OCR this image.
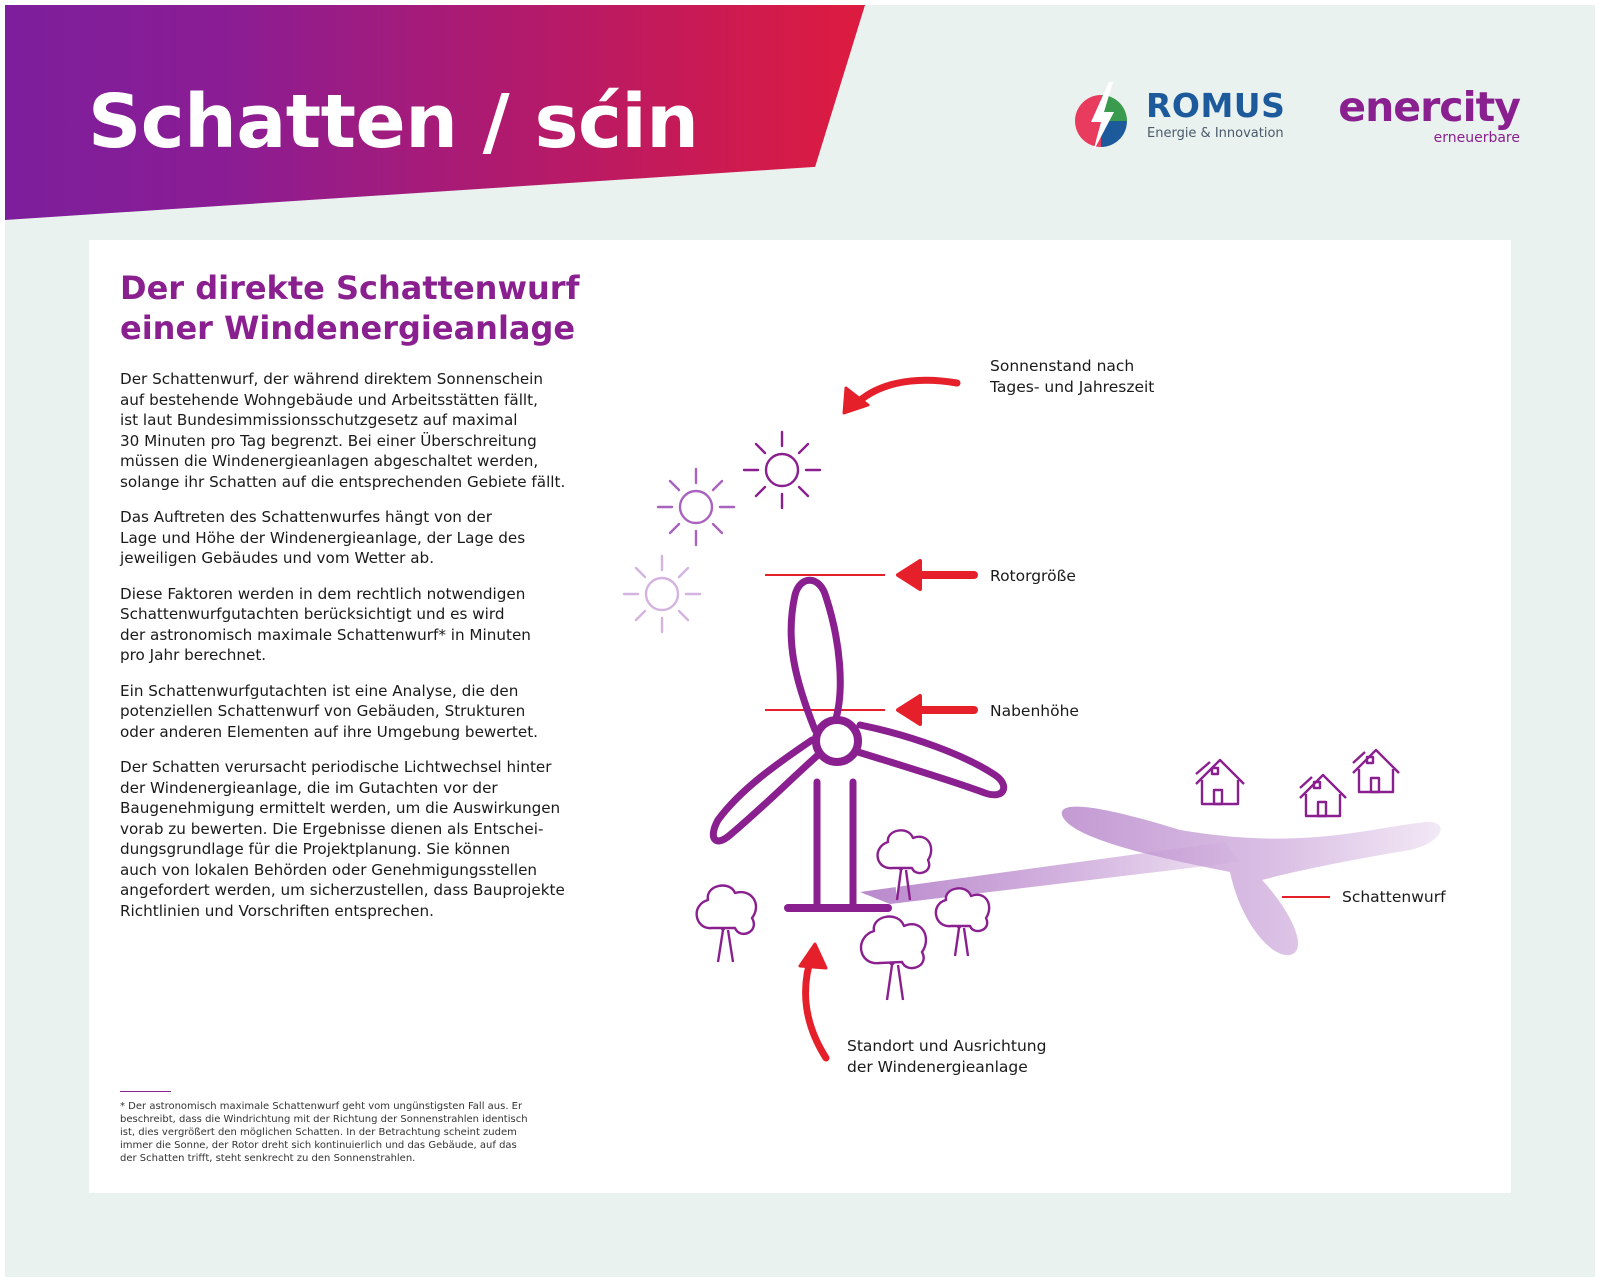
Schatten / sćin	ROMUS
Energie & Innovation
enercity
erneuerbare
Der direkte Schattenwurf
einer Windenergieanlage

Der Schattenwurf, der während direktem Sonnenschein
auf bestehende Wohngebäude und Arbeitsstätten fällt,
ist laut Bundesimmissionsschutzgesetz auf maximal
30 Minuten pro Tag begrenzt. Bei einer Überschreitung
müssen die Windenergieanlagen abgeschaltet werden,
solange ihr Schatten auf die entsprechenden Gebiete fällt.

Das Auftreten des Schattenwurfes hängt von der
Lage und Höhe der Windenergieanlage, der Lage des
jeweiligen Gebäudes und vom Wetter ab.

Diese Faktoren werden in dem rechtlich notwendigen
Schattenwurfgutachten berücksichtigt und es wird
der astronomisch maximale Schattenwurf* in Minuten
pro Jahr berechnet.

Ein Schattenwurfgutachten ist eine Analyse, die den
potenziellen Schattenwurf von Gebäuden, Strukturen
oder anderen Elementen auf ihre Umgebung bewertet.

Der Schatten verursacht periodische Lichtwechsel hinter
der Windenergieanlage, die im Gutachten vor der
Baugenehmigung ermittelt werden, um die Auswirkungen
vorab zu bewerten. Die Ergebnisse dienen als Entschei-
dungsgrundlage für die Projektplanung. Sie können
auch von lokalen Behörden oder Genehmigungsstellen
angefordert werden, um sicherzustellen, dass Bauprojekte
Richtlinien und Vorschriften entsprechen.

* Der astronomisch maximale Schattenwurf geht vom ungünstigsten Fall aus. Er
beschreibt, dass die Windrichtung mit der Richtung der Sonnenstrahlen identisch
ist, dies vergrößert den möglichen Schatten. In der Betrachtung scheint zudem
immer die Sonne, der Rotor dreht sich kontinuierlich und das Gebäude, auf das
der Schatten trifft, steht senkrecht zu den Sonnenstrahlen.

Sonnenstand nach
Tages- und Jahreszeit

Rotorgröße

Nabenhöhe

Schattenwurf

Standort und Ausrichtung
der Windenergieanlage
